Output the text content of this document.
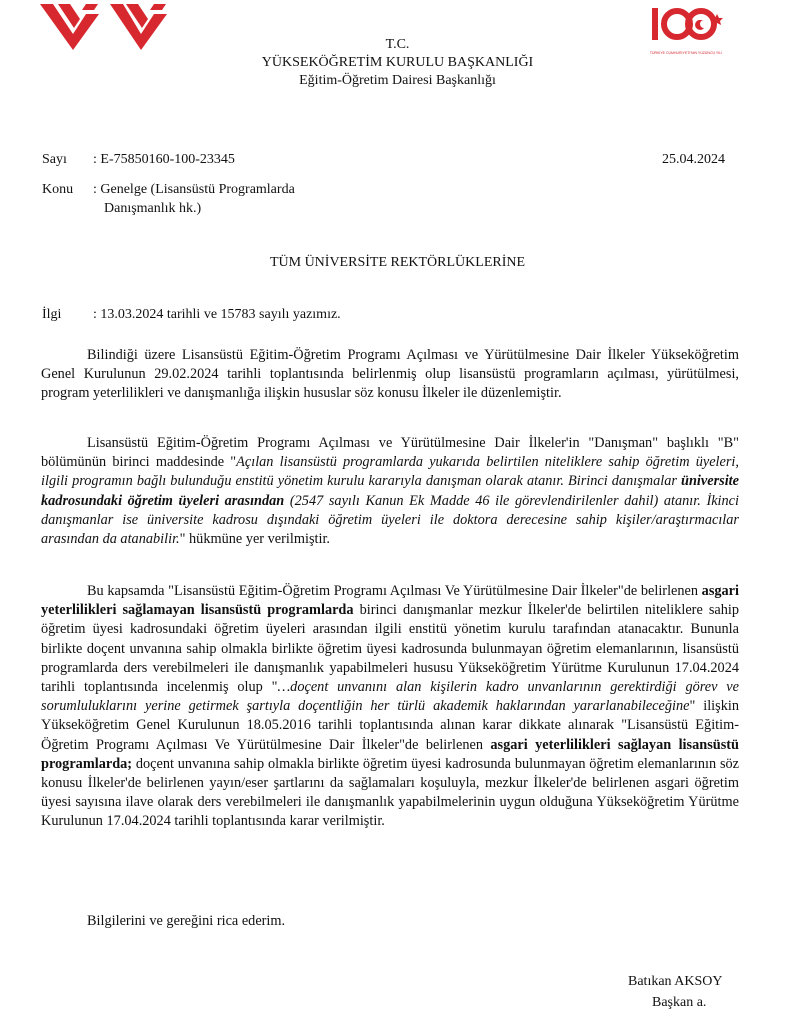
TÜRKİYE CUMHURİYETİ'NİN YÜZÜNCÜ YILI
T.C.
YÜKSEKÖĞRETİM KURULU BAŞKANLIĞI
Eğitim-Öğretim Dairesi Başkanlığı
Sayı : E-75850160-100-23345	25.04.2024
Konu : Genelge (Lisansüstü Programlarda
Danışmanlık hk.)
TÜM ÜNİVERSİTE REKTÖRLÜKLERİNE
İlgi : 13.03.2024 tarihli ve 15783 sayılı yazımız.
Bilindiği üzere Lisansüstü Eğitim-Öğretim Programı Açılması ve Yürütülmesine Dair İlkeler Yükseköğretim Genel Kurulunun 29.02.2024 tarihli toplantısında belirlenmiş olup lisansüstü programların açılması, yürütülmesi, program yeterlilikleri ve danışmanlığa ilişkin hususlar söz konusu İlkeler ile düzenlemiştir.
Lisansüstü Eğitim-Öğretim Programı Açılması ve Yürütülmesine Dair İlkeler'in "Danışman" başlıklı "B" bölümünün birinci maddesinde "Açılan lisansüstü programlarda yukarıda belirtilen niteliklere sahip öğretim üyeleri, ilgili programın bağlı bulunduğu enstitü yönetim kurulu kararıyla danışman olarak atanır. Birinci danışmalar üniversite kadrosundaki öğretim üyeleri arasından (2547 sayılı Kanun Ek Madde 46 ile görevlendirilenler dahil) atanır. İkinci danışmanlar ise üniversite kadrosu dışındaki öğretim üyeleri ile doktora derecesine sahip kişiler/araştırmacılar arasından da atanabilir." hükmüne yer verilmiştir.
Bu kapsamda "Lisansüstü Eğitim-Öğretim Programı Açılması Ve Yürütülmesine Dair İlkeler"de belirlenen asgari yeterlilikleri sağlamayan lisansüstü programlarda birinci danışmanlar mezkur İlkeler'de belirtilen niteliklere sahip öğretim üyesi kadrosundaki öğretim üyeleri arasından ilgili enstitü yönetim kurulu tarafından atanacaktır. Bununla birlikte doçent unvanına sahip olmakla birlikte öğretim üyesi kadrosunda bulunmayan öğretim elemanlarının, lisansüstü programlarda ders verebilmeleri ile danışmanlık yapabilmeleri hususu Yükseköğretim Yürütme Kurulunun 17.04.2024 tarihli toplantısında incelenmiş olup "…doçent unvanını alan kişilerin kadro unvanlarının gerektirdiği görev ve sorumluluklarını yerine getirmek şartıyla doçentliğin her türlü akademik haklarından yararlanabileceğine" ilişkin Yükseköğretim Genel Kurulunun 18.05.2016 tarihli toplantısında alınan karar dikkate alınarak "Lisansüstü Eğitim-Öğretim Programı Açılması Ve Yürütülmesine Dair İlkeler"de belirlenen asgari yeterlilikleri sağlayan lisansüstü programlarda; doçent unvanına sahip olmakla birlikte öğretim üyesi kadrosunda bulunmayan öğretim elemanlarının söz konusu İlkeler'de belirlenen yayın/eser şartlarını da sağlamaları koşuluyla, mezkur İlkeler'de belirlenen asgari öğretim üyesi sayısına ilave olarak ders verebilmeleri ile danışmanlık yapabilmelerinin uygun olduğuna Yükseköğretim Yürütme Kurulunun 17.04.2024 tarihli toplantısında karar verilmiştir.
Bilgilerini ve gereğini rica ederim.
Batıkan AKSOY
Başkan a.
